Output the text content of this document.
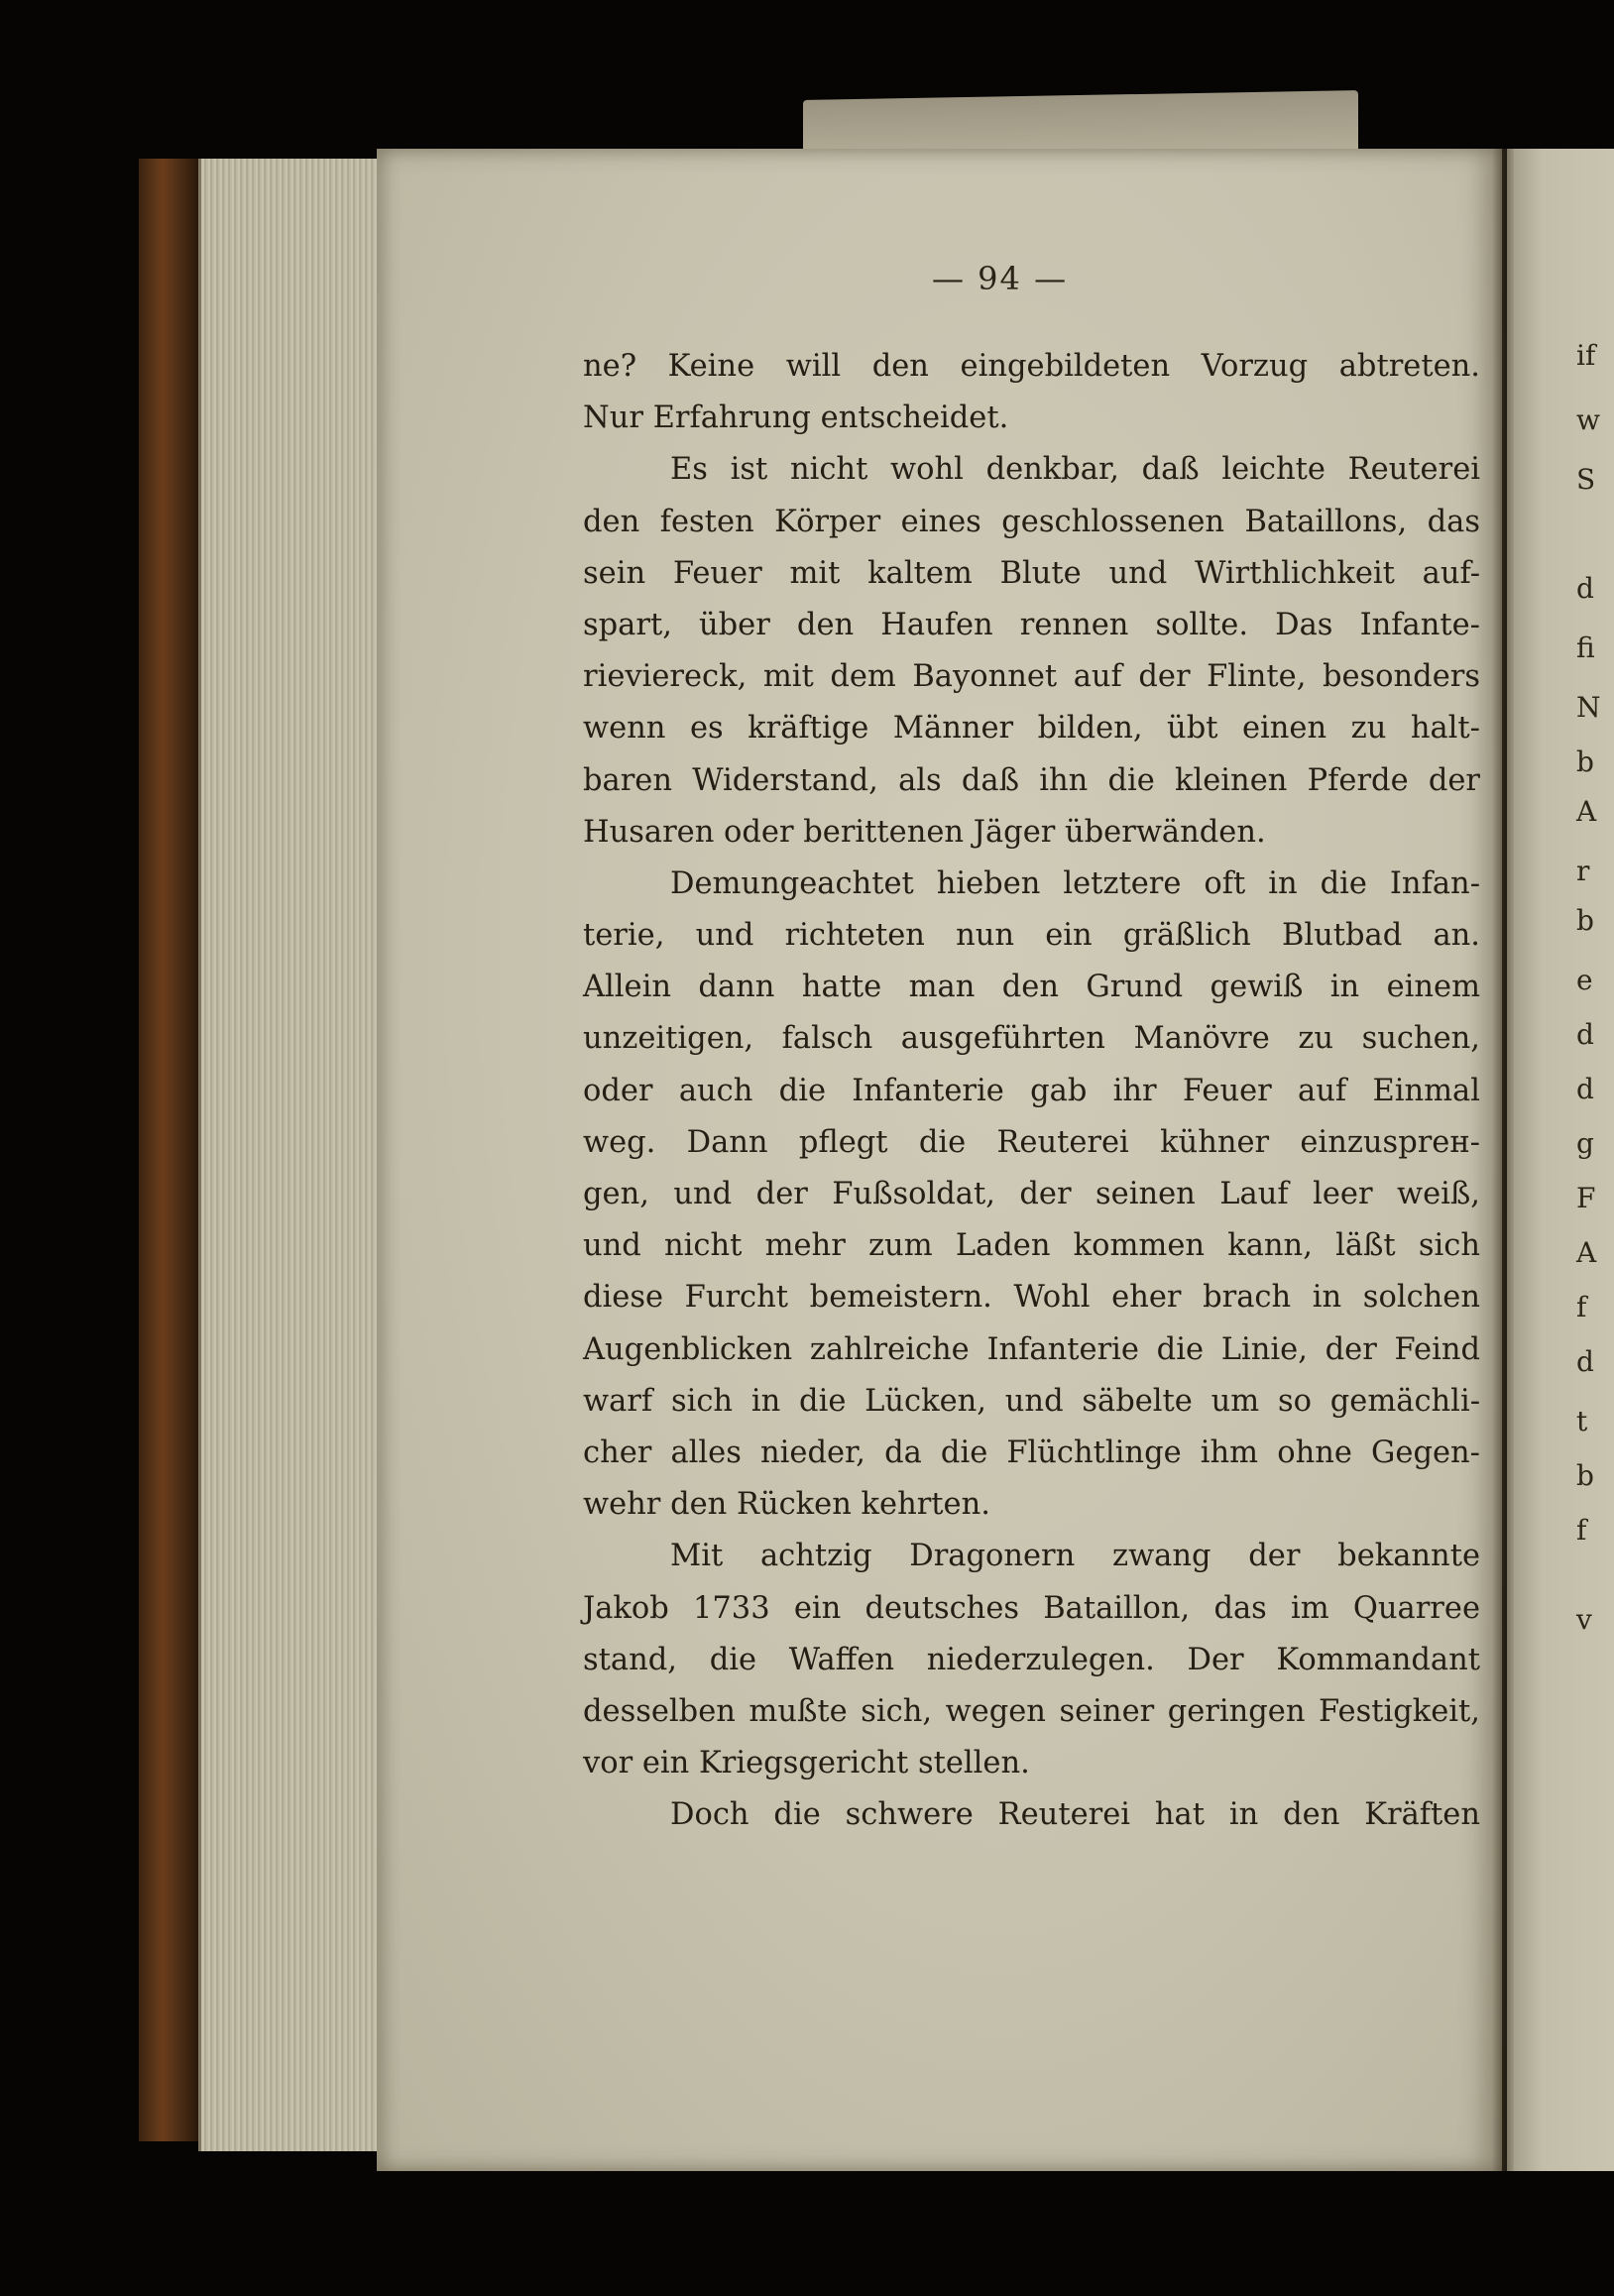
— 94 —
ne? Keine will den eingebildeten Vorzug abtreten.
Nur Erfahrung entscheidet.
Es ist nicht wohl denkbar, daß leichte Reuterei
den festen Körper eines geschlossenen Bataillons, das
sein Feuer mit kaltem Blute und Wirthlichkeit auf-
spart, über den Haufen rennen sollte. Das Infante-
rieviereck, mit dem Bayonnet auf der Flinte, besonders
wenn es kräftige Männer bilden, übt einen zu halt-
baren Widerstand, als daß ihn die kleinen Pferde der
Husaren oder berittenen Jäger überwänden.
Demungeachtet hieben letztere oft in die Infan-
terie, und richteten nun ein gräßlich Blutbad an.
Allein dann hatte man den Grund gewiß in einem
unzeitigen, falsch ausgeführten Manövre zu suchen,
oder auch die Infanterie gab ihr Feuer auf Einmal
weg. Dann pflegt die Reuterei kühner einzusprен-
gen, und der Fußsoldat, der seinen Lauf leer weiß,
und nicht mehr zum Laden kommen kann, läßt sich
diese Furcht bemeistern. Wohl eher brach in solchen
Augenblicken zahlreiche Infanterie die Linie, der Feind
warf sich in die Lücken, und säbelte um so gemächli-
cher alles nieder, da die Flüchtlinge ihm ohne Gegen-
wehr den Rücken kehrten.
Mit achtzig Dragonern zwang der bekannte
Jakob 1733 ein deutsches Bataillon, das im Quarree
stand, die Waffen niederzulegen. Der Kommandant
desselben mußte sich, wegen seiner geringen Festigkeit,
vor ein Kriegsgericht stellen.
Doch die schwere Reuterei hat in den Kräften
if
w
S
d
fi
N
b
A
r
b
e
d
d
g
F
A
f
d
t
b
f
v
